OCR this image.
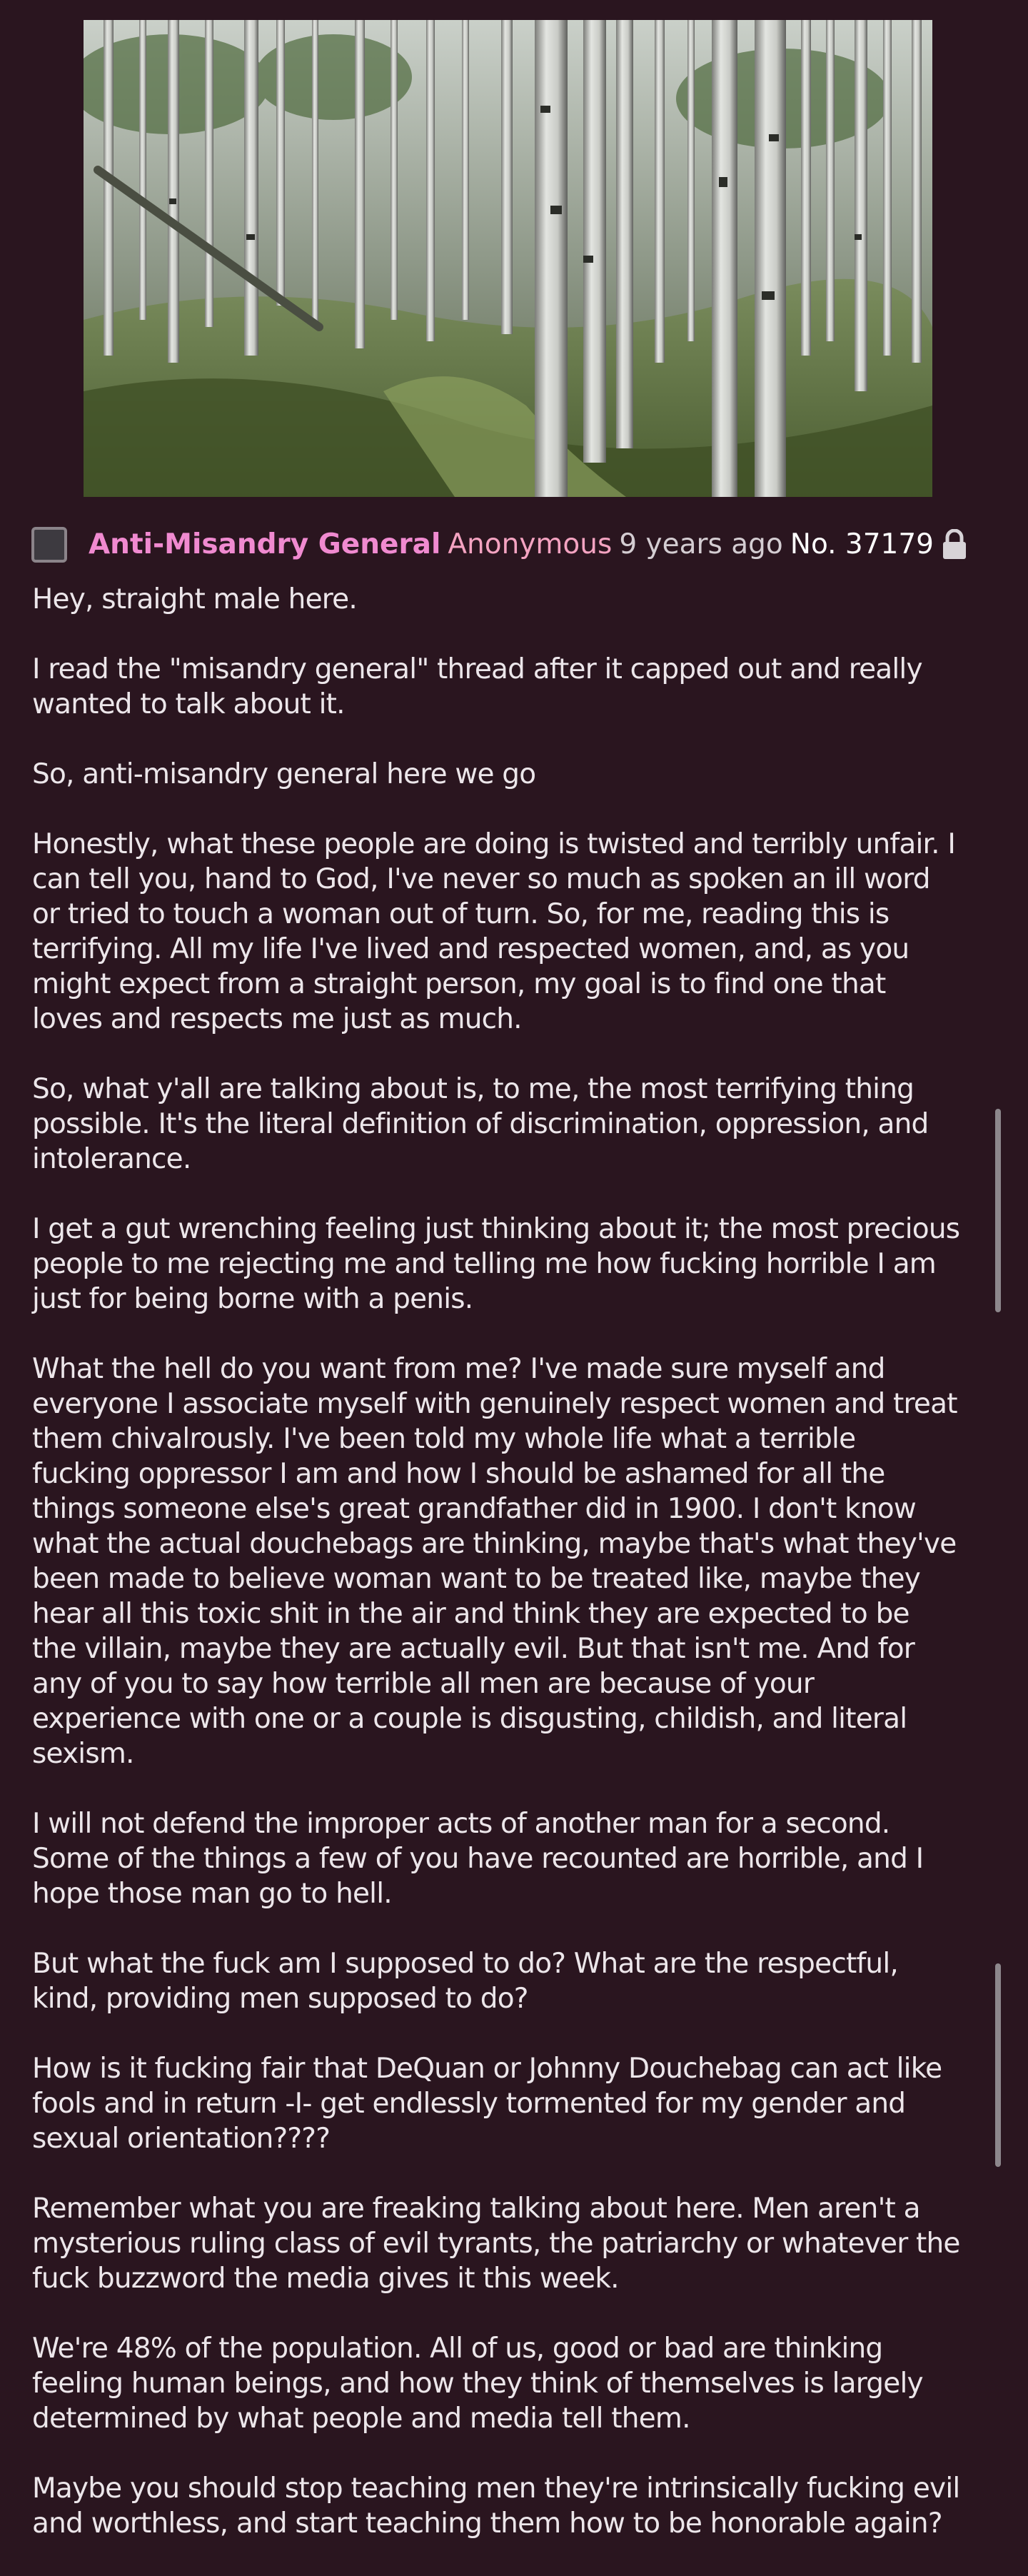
Anti-Misandry General Anonymous 9 years ago No. 37179

Hey, straight male here.

I read the "misandry general" thread after it capped out and really wanted to talk about it.

So, anti-misandry general here we go

Honestly, what these people are doing is twisted and terribly unfair. I can tell you, hand to God, I've never so much as spoken an ill word or tried to touch a woman out of turn. So, for me, reading this is terrifying. All my life I've lived and respected women, and, as you might expect from a straight person, my goal is to find one that loves and respects me just as much.

So, what y'all are talking about is, to me, the most terrifying thing possible. It's the literal definition of discrimination, oppression, and intolerance.

I get a gut wrenching feeling just thinking about it; the most precious people to me rejecting me and telling me how fucking horrible I am just for being borne with a penis.

What the hell do you want from me? I've made sure myself and everyone I associate myself with genuinely respect women and treat them chivalrously. I've been told my whole life what a terrible fucking oppressor I am and how I should be ashamed for all the things someone else's great grandfather did in 1900. I don't know what the actual douchebags are thinking, maybe that's what they've been made to believe woman want to be treated like, maybe they hear all this toxic shit in the air and think they are expected to be the villain, maybe they are actually evil. But that isn't me. And for any of you to say how terrible all men are because of your experience with one or a couple is disgusting, childish, and literal sexism.

I will not defend the improper acts of another man for a second. Some of the things a few of you have recounted are horrible, and I hope those man go to hell.

But what the fuck am I supposed to do? What are the respectful, kind, providing men supposed to do?

How is it fucking fair that DeQuan or Johnny Douchebag can act like fools and in return -I- get endlessly tormented for my gender and sexual orientation????

Remember what you are freaking talking about here. Men aren't a mysterious ruling class of evil tyrants, the patriarchy or whatever the fuck buzzword the media gives it this week.

We're 48% of the population. All of us, good or bad are thinking feeling human beings, and how they think of themselves is largely determined by what people and media tell them.

Maybe you should stop teaching men they're intrinsically fucking evil and worthless, and start teaching them how to be honorable again?
